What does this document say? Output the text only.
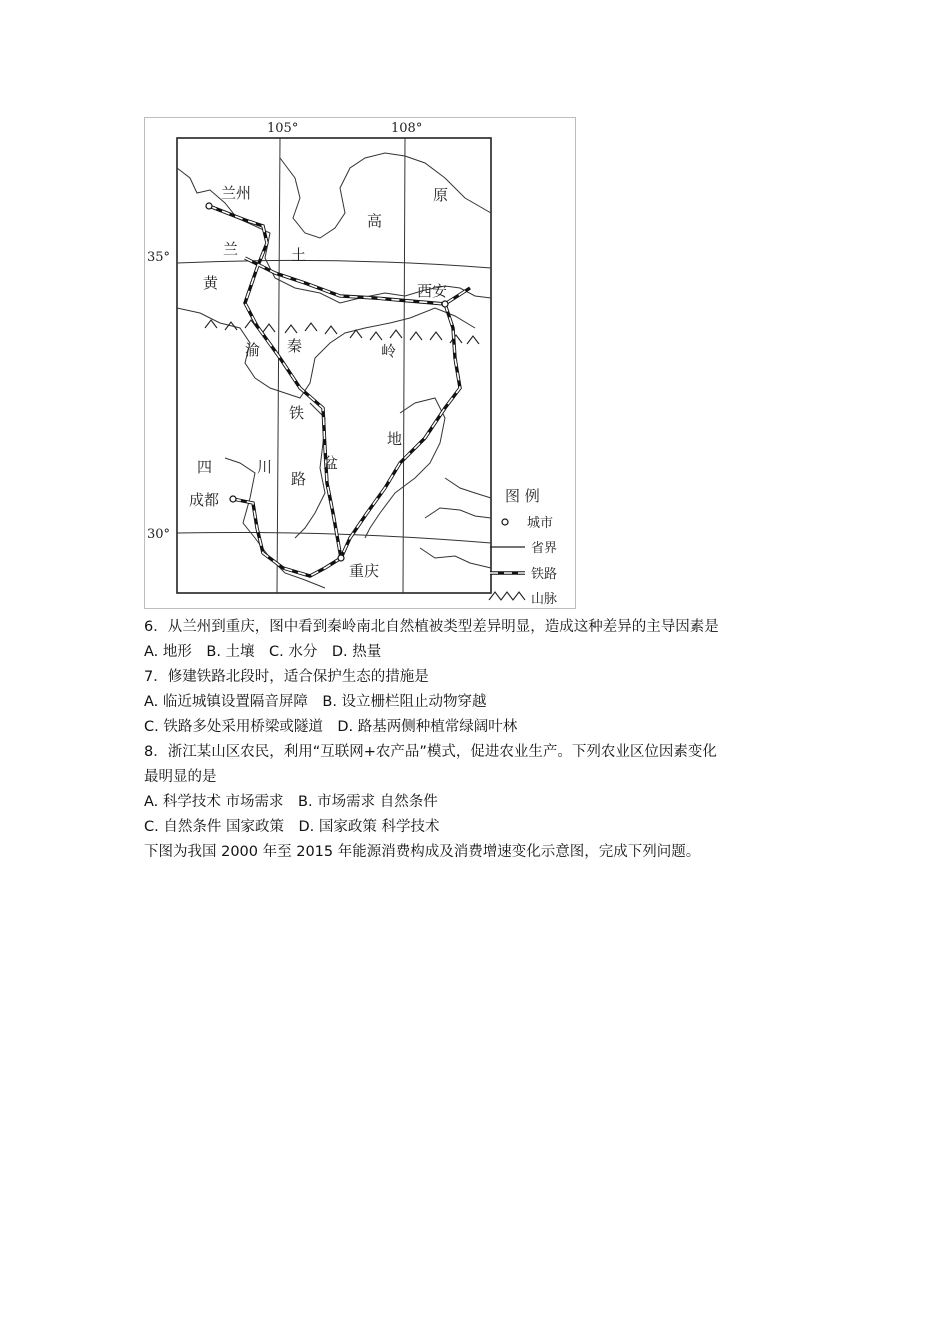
105°	108°
35°
30°
兰州
西安
成都
重庆
兰
黄
土
高
原
渝 秦	岭
铁
路
四	川	盆
地
图 例
城市
省界
铁路
山脉
6．从兰州到重庆，图中看到秦岭南北自然植被类型差异明显，造成这种差异的主导因素是
A. 地形　B. 土壤　C. 水分　D. 热量
7．修建铁路北段时，适合保护生态的措施是
A. 临近城镇设置隔音屏障　B. 设立栅栏阻止动物穿越
C. 铁路多处采用桥梁或隧道　D. 路基两侧种植常绿阔叶林
8．浙江某山区农民，利用“互联网+农产品”模式，促进农业生产。下列农业区位因素变化
最明显的是
A. 科学技术 市场需求　B. 市场需求 自然条件
C. 自然条件 国家政策　D. 国家政策 科学技术
下图为我国 2000 年至 2015 年能源消费构成及消费增速变化示意图，完成下列问题。
